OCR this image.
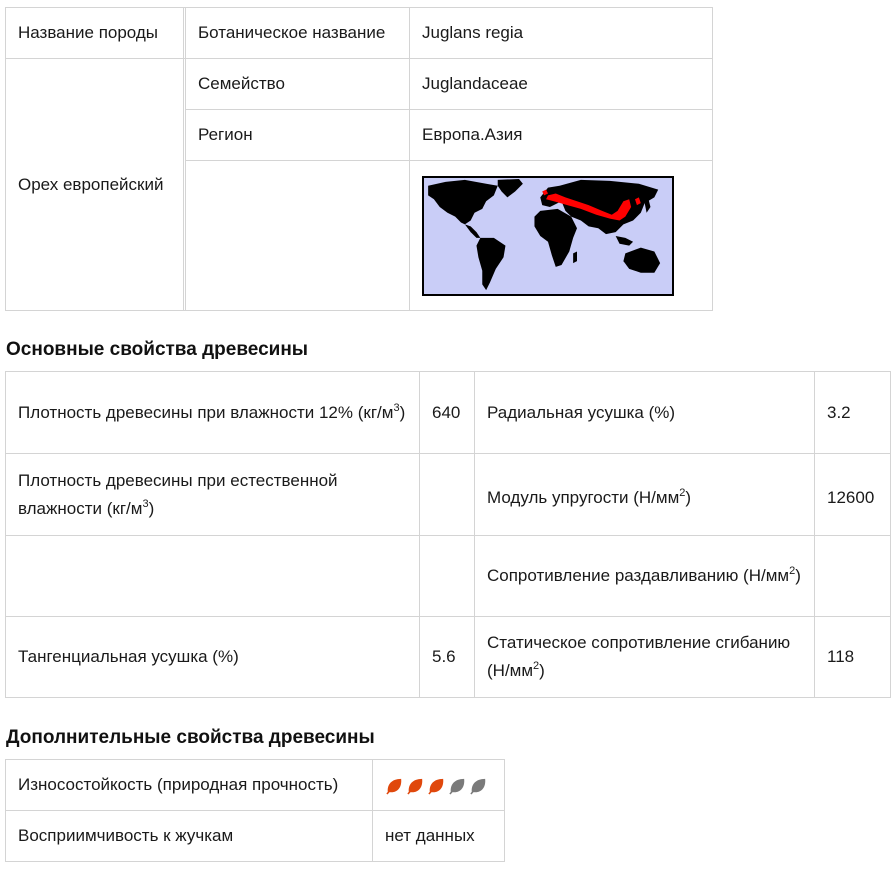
Название породы		Ботаническое название	Juglans regia
Орех европейский		Семейство	Juglandaceae
		Регион	Европа.Азия

Основные свойства древесины
Плотность древесины при влажности 12% $(кг/м^3)$	640	Радиальная усушка (%)	3.2
Плотность древесины при естественной влажности $(кг/м^3)$		Модуль упругости $(Н/мм^2)$	12600
		Сопротивление раздавливанию $(Н/мм^2)$	
Тангенциальная усушка (%)	5.6	Статическое сопротивление сгибанию $(Н/мм^2)$	118
Дополнительные свойства древесины
Износостойкость (природная прочность)	
Восприимчивость к жучкам	нет данных
